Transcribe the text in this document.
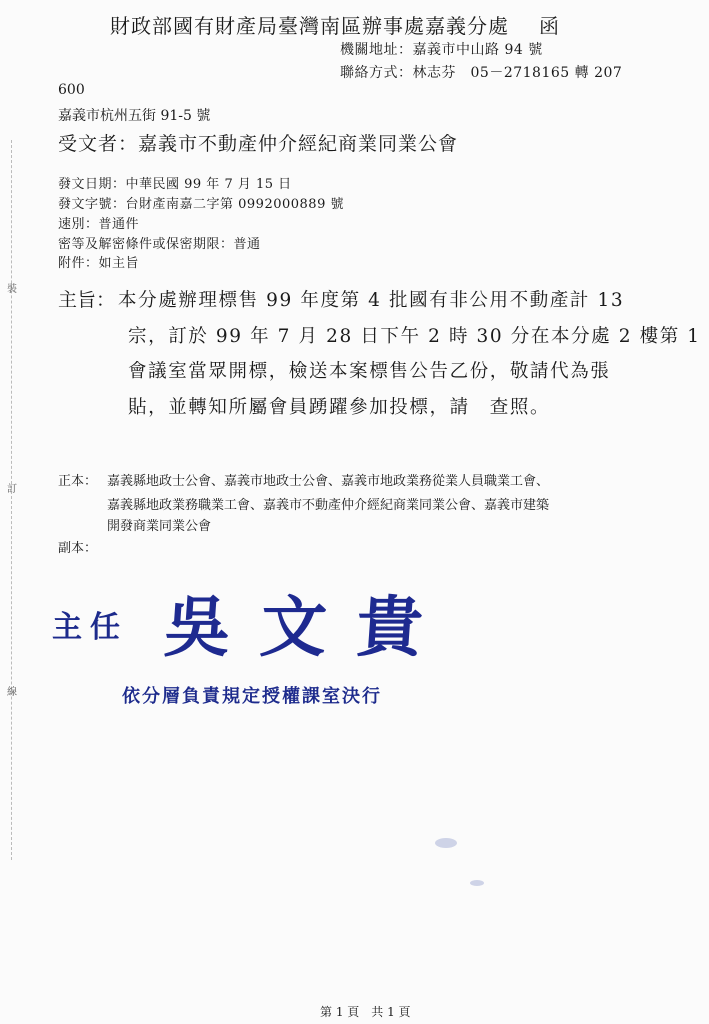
財政部國有財產局臺灣南區辦事處嘉義分處 函
機關地址：嘉義市中山路 94 號
聯絡方式：林志芬　05－2718165 轉 207
600
嘉義市杭州五街 91-5 號
受文者：嘉義市不動產仲介經紀商業同業公會
發文日期：中華民國 99 年 7 月 15 日
發文字號：台財產南嘉二字第 0992000889 號
速別：普通件
密等及解密條件或保密期限：普通
附件：如主旨
主旨： 本分處辦理標售 99 年度第 4 批國有非公用不動產計 13
宗，訂於 99 年 7 月 28 日下午 2 時 30 分在本分處 2 樓第 1
會議室當眾開標，檢送本案標售公告乙份，敬請代為張
貼，並轉知所屬會員踴躍參加投標，請　查照。
正本： 嘉義縣地政士公會、嘉義市地政士公會、嘉義市地政業務從業人員職業工會、
嘉義縣地政業務職業工會、嘉義市不動產仲介經紀商業同業公會、嘉義市建築
開發商業同業公會
副本：
裝
訂
線
主任 吳文貴
依分層負責規定授權課室決行
第 1 頁　共 1 頁
